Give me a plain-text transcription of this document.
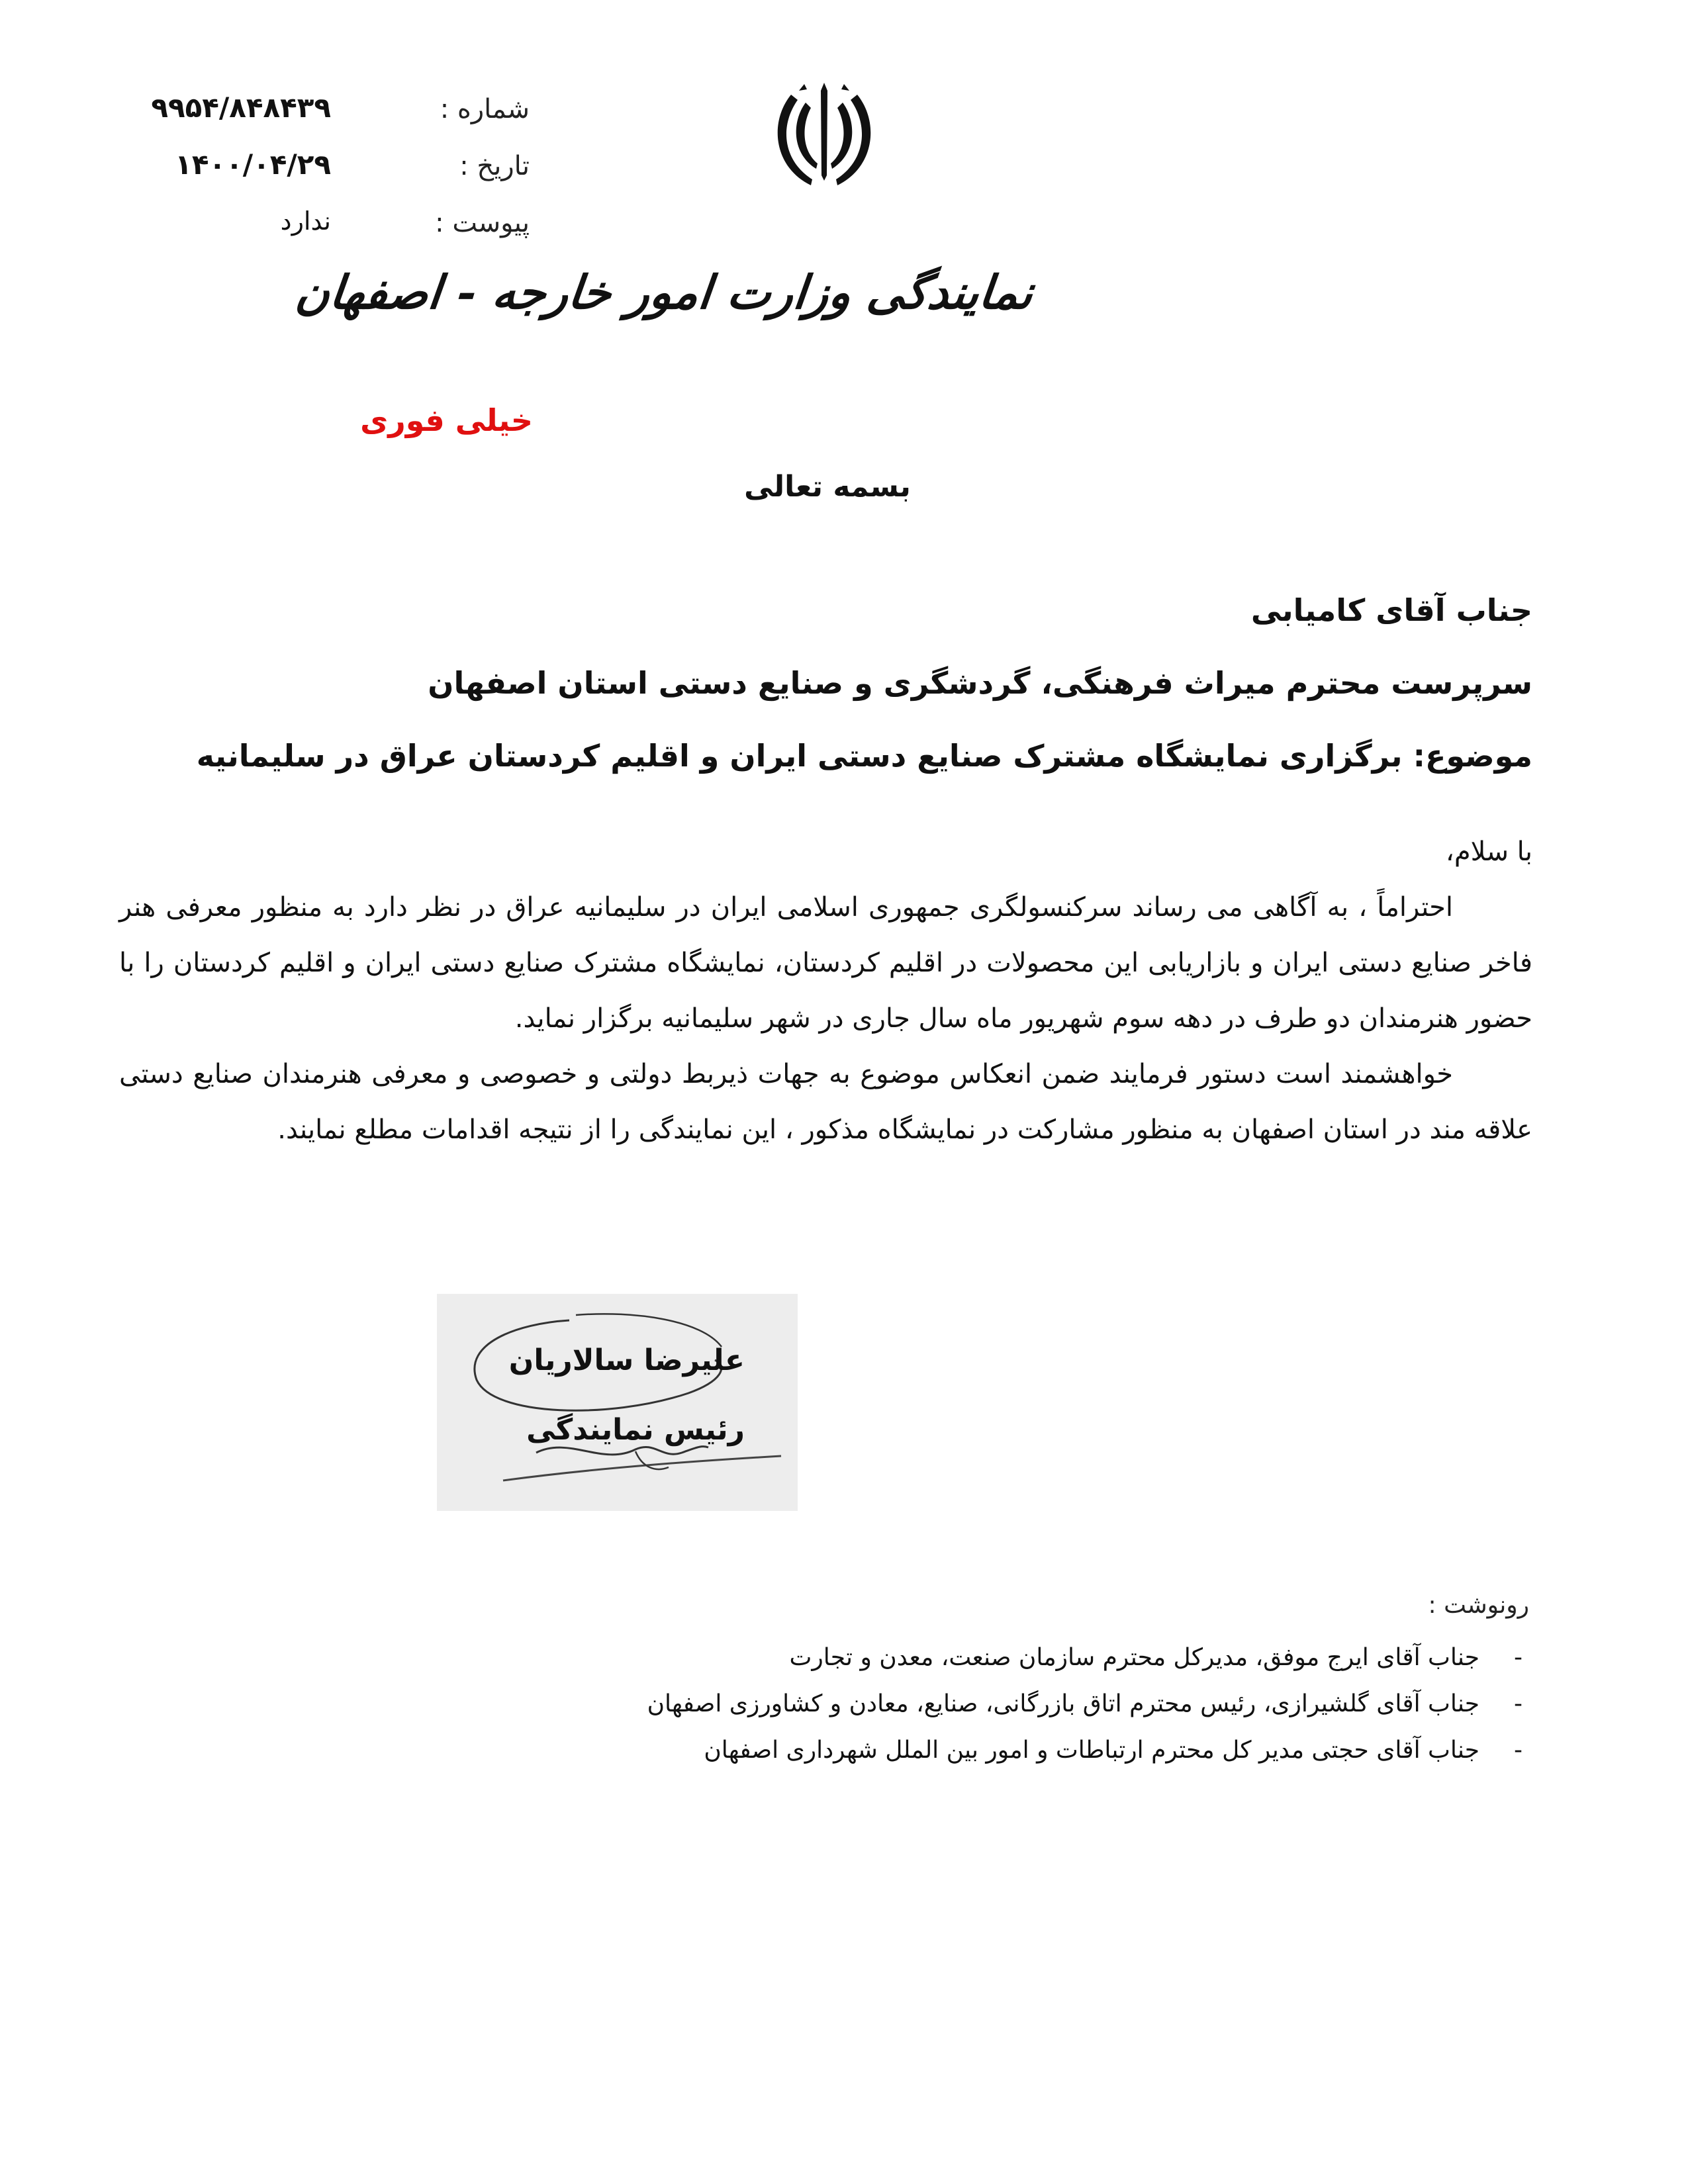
شماره :
۹۹۵۴/۸۴۸۴۳۹
تاریخ :
۱۴۰۰/۰۴/۲۹
پیوست :
ندارد
نمایندگی وزارت امور خارجه - اصفهان
خیلی فوری
بسمه تعالی
جناب آقای کامیابی
سرپرست محترم میراث فرهنگی، گردشگری و صنایع دستی استان اصفهان
موضوع: برگزاری نمایشگاه مشترک صنایع دستی ایران و اقلیم کردستان عراق در سلیمانیه

با سلام،

احتراماً ، به آگاهی می رساند سرکنسولگری جمهوری اسلامی ایران در سلیمانیه عراق در نظر دارد به منظور معرفی هنر فاخر صنایع دستی ایران و بازاریابی این محصولات در اقلیم کردستان، نمایشگاه مشترک صنایع دستی ایران و اقلیم کردستان را با حضور هنرمندان دو طرف در دهه سوم شهریور ماه سال جاری در شهر سلیمانیه برگزار نماید.

خواهشمند است دستور فرمایند ضمن انعکاس موضوع به جهات ذیربط دولتی و خصوصی و معرفی هنرمندان صنایع دستی علاقه مند در استان اصفهان به منظور مشارکت در نمایشگاه مذکور ، این نمایندگی را از نتیجه اقدامات مطلع نمایند.

علیرضا سالاریان
رئیس نمایندگی
رونوشت :
-
جناب آقای ایرج موفق، مدیرکل محترم سازمان صنعت، معدن و تجارت
-
جناب آقای گلشیرازی، رئیس محترم اتاق بازرگانی، صنایع، معادن و کشاورزی اصفهان
-
جناب آقای حجتی مدیر کل محترم ارتباطات و امور بین الملل شهرداری اصفهان
